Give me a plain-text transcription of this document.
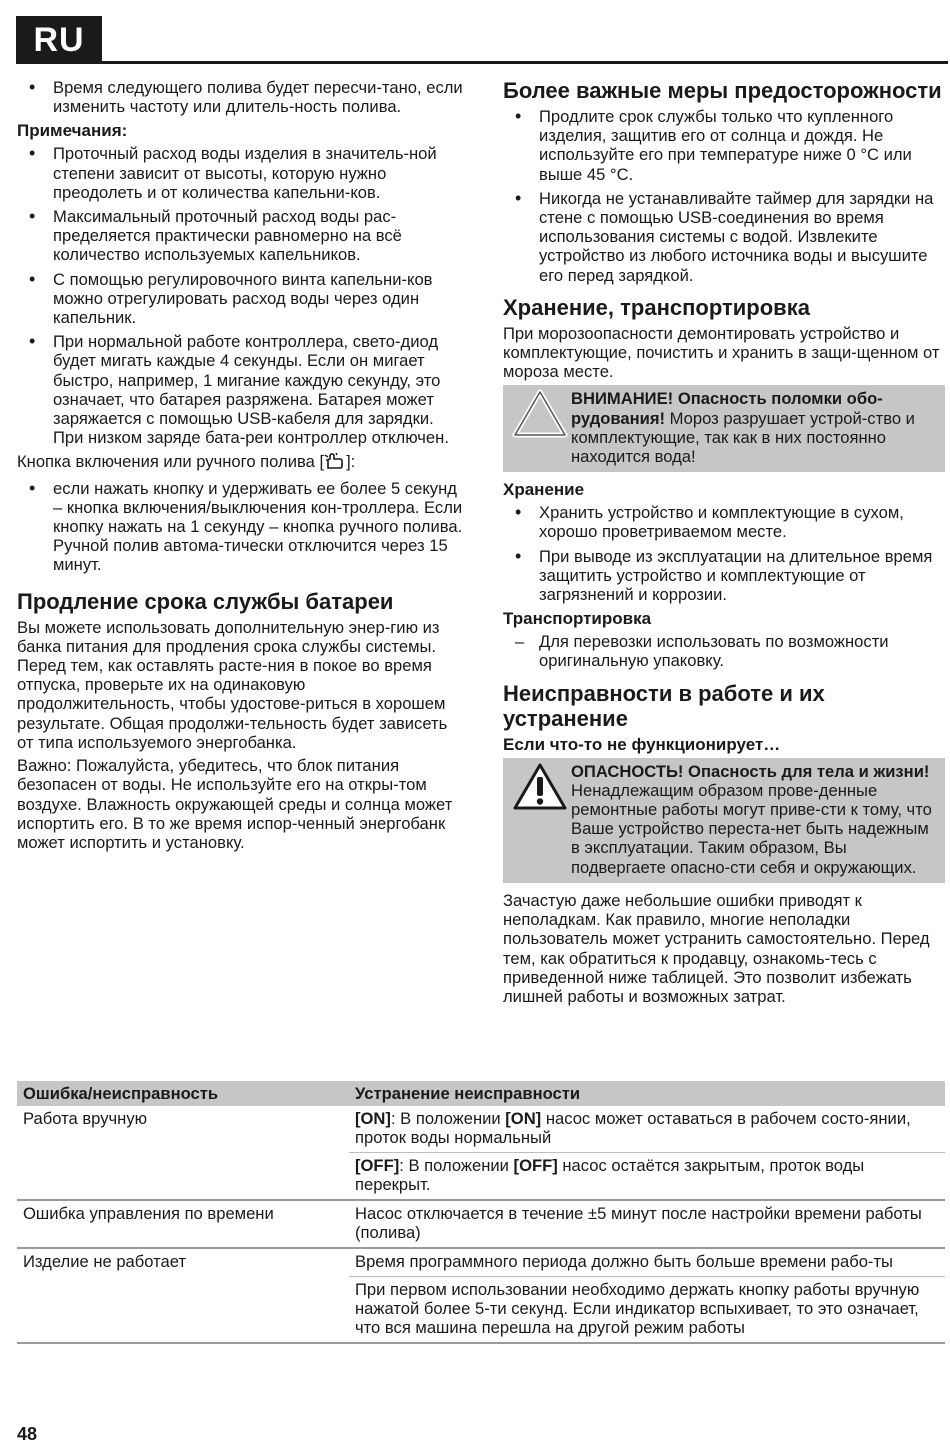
RU
• Время следующего полива будет пересчи-тано, если изменить частоту или длитель-ность полива.
Примечания:
• Проточный расход воды изделия в значитель-ной степени зависит от высоты, которую нужно преодолеть и от количества капельни-ков.
• Максимальный проточный расход воды рас-пределяется практически равномерно на всё количество используемых капельников.
• С помощью регулировочного винта капельни-ков можно отрегулировать расход воды через один капельник.
• При нормальной работе контроллера, свето-диод будет мигать каждые 4 секунды. Если он мигает быстро, например, 1 мигание каждую секунду, это означает, что батарея разряжена. Батарея может заряжается с помощью USB-кабеля для зарядки. При низком заряде бата-реи контроллер отключен.

Кнопка включения или ручного полива [ ]:

• если нажать кнопку и удерживать ее более 5 секунд – кнопка включения/выключения кон-троллера. Если кнопку нажать на 1 секунду – кнопка ручного полива. Ручной полив автома-тически отключится через 15 минут.
Продление срока службы батареи

Вы можете использовать дополнительную энер-гию из банка питания для продления срока службы системы. Перед тем, как оставлять расте-ния в покое во время отпуска, проверьте их на одинаковую продолжительность, чтобы удостове-риться в хорошем результате. Общая продолжи-тельность будет зависеть от типа используемого энергобанка.

Важно: Пожалуйста, убедитесь, что блок питания безопасен от воды. Не используйте его на откры-том воздухе. Влажность окружающей среды и солнца может испортить его. В то же время испор-ченный энергобанк может испортить и установку.

Более важные меры предосторожности
• Продлите срок службы только что купленного изделия, защитив его от солнца и дождя. Не используйте его при температуре ниже 0 °C или выше 45 °C.
• Никогда не устанавливайте таймер для зарядки на стене с помощью USB-соединения во время использования системы с водой. Извлеките устройство из любого источника воды и высушите его перед зарядкой.
Хранение, транспортировка

При морозоопасности демонтировать устройство и комплектующие, почистить и хранить в защи-щенном от мороза месте.

ВНИМАНИЕ! Опасность поломки обо-рудования! Мороз разрушает устрой-ство и комплектующие, так как в них постоянно находится вода!
Хранение
• Хранить устройство и комплектующие в сухом, хорошо проветриваемом месте.
• При выводе из эксплуатации на длительное время защитить устройство и комплектующие от загрязнений и коррозии.
Транспортировка
– Для перевозки использовать по возможности оригинальную упаковку.
Неисправности в работе и их устранение
Если что-то не функционирует…
ОПАСНОСТЬ! Опасность для тела и жизни! Ненадлежащим образом прове-денные ремонтные работы могут приве-сти к тому, что Ваше устройство переста-нет быть надежным в эксплуатации. Таким образом, Вы подвергаете опасно-сти себя и окружающих.

Зачастую даже небольшие ошибки приводят к неполадкам. Как правило, многие неполадки пользователь может устранить самостоятельно. Перед тем, как обратиться к продавцу, ознакомь-тесь с приведенной ниже таблицей. Это позволит избежать лишней работы и возможных затрат.

Ошибка/неисправность	Устранение неисправности
Работа вручную	[ON]: В положении [ON] насос может оставаться в рабочем состо-янии, проток воды нормальный
	[OFF]: В положении [OFF] насос остаётся закрытым, проток воды перекрыт.
Ошибка управления по времени	Насос отключается в течение ±5 минут после настройки времени работы (полива)
Изделие не работает	Время программного периода должно быть больше времени рабо-ты
	При первом использовании необходимо держать кнопку работы вручную нажатой более 5-ти секунд. Если индикатор вспыхивает, то это означает, что вся машина перешла на другой режим работы
48
